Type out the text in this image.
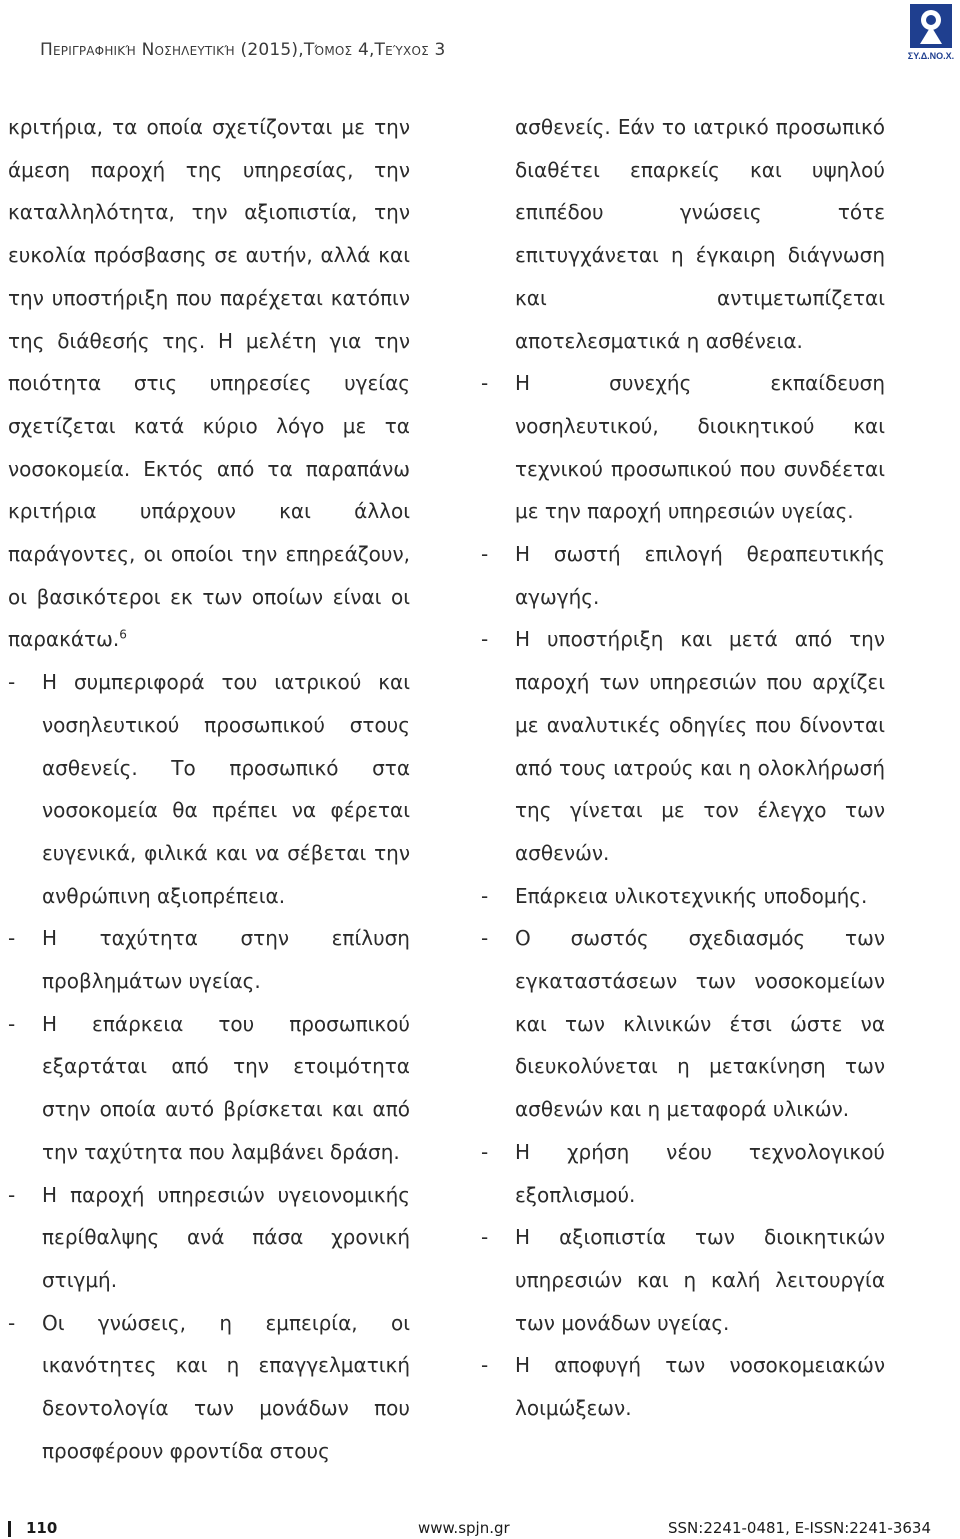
Περιγραφηική Νοσηλευτική (2015),Τόμος 4,Τεύχος 3	ΣΥ.Δ.ΝΟ.Χ.

κριτήρια, τα οποία σχετίζονται με την άμεση παροχή της υπηρεσίας, την καταλληλότητα, την αξιοπιστία, την ευκολία πρόσβασης σε αυτήν, αλλά και την υποστήριξη που παρέχεται κατόπιν της διάθεσής της. Η μελέτη για την ποιότητα στις υπηρεσίες υγείας σχετίζεται κατά κύριο λόγο με τα νοσοκομεία. Εκτός από τα παραπάνω κριτήρια υπάρχουν και άλλοι παράγοντες, οι οποίοι την επηρεάζουν, οι βασικότεροι εκ των οποίων είναι οι παρακάτω.$^6$

-	Η συμπεριφορά του ιατρικού και νοσηλευτικού προσωπικού στους ασθενείς. Το προσωπικό στα νοσοκομεία θα πρέπει να φέρεται ευγενικά, φιλικά και να σέβεται την ανθρώπινη αξιοπρέπεια.
-	Η ταχύτητα στην επίλυση προβλημάτων υγείας.
-	Η επάρκεια του προσωπικού εξαρτάται από την ετοιμότητα στην οποία αυτό βρίσκεται και από την ταχύτητα που λαμβάνει δράση.
-	Η παροχή υπηρεσιών υγειονομικής περίθαλψης ανά πάσα χρονική στιγμή.
-	Οι γνώσεις, η εμπειρία, οι ικανότητες και η επαγγελματική δεοντολογία των μονάδων που προσφέρουν φροντίδα στους
ασθενείς. Εάν το ιατρικό προσωπικό διαθέτει επαρκείς και υψηλού επιπέδου γνώσεις τότε επιτυγχάνεται η έγκαιρη διάγνωση και αντιμετωπίζεται αποτελεσματικά η ασθένεια.
-	Η συνεχής εκπαίδευση νοσηλευτικού, διοικητικού και τεχνικού προσωπικού που συνδέεται με την παροχή υπηρεσιών υγείας.
-	Η σωστή επιλογή θεραπευτικής αγωγής.
-	Η υποστήριξη και μετά από την παροχή των υπηρεσιών που αρχίζει με αναλυτικές οδηγίες που δίνονται από τους ιατρούς και η ολοκλήρωσή της γίνεται με τον έλεγχο των ασθενών.
-	Επάρκεια υλικοτεχνικής υποδομής.
-	Ο σωστός σχεδιασμός των εγκαταστάσεων των νοσοκομείων και των κλινικών έτσι ώστε να διευκολύνεται η μετακίνηση των ασθενών και η μεταφορά υλικών.
-	Η χρήση νέου τεχνολογικού εξοπλισμού.
-	Η αξιοπιστία των διοικητικών υπηρεσιών και η καλή λειτουργία των μονάδων υγείας.
-	Η αποφυγή των νοσοκομειακών λοιμώξεων.
110	www.spjn.gr	SSN:2241-0481, E-ISSN:2241-3634
